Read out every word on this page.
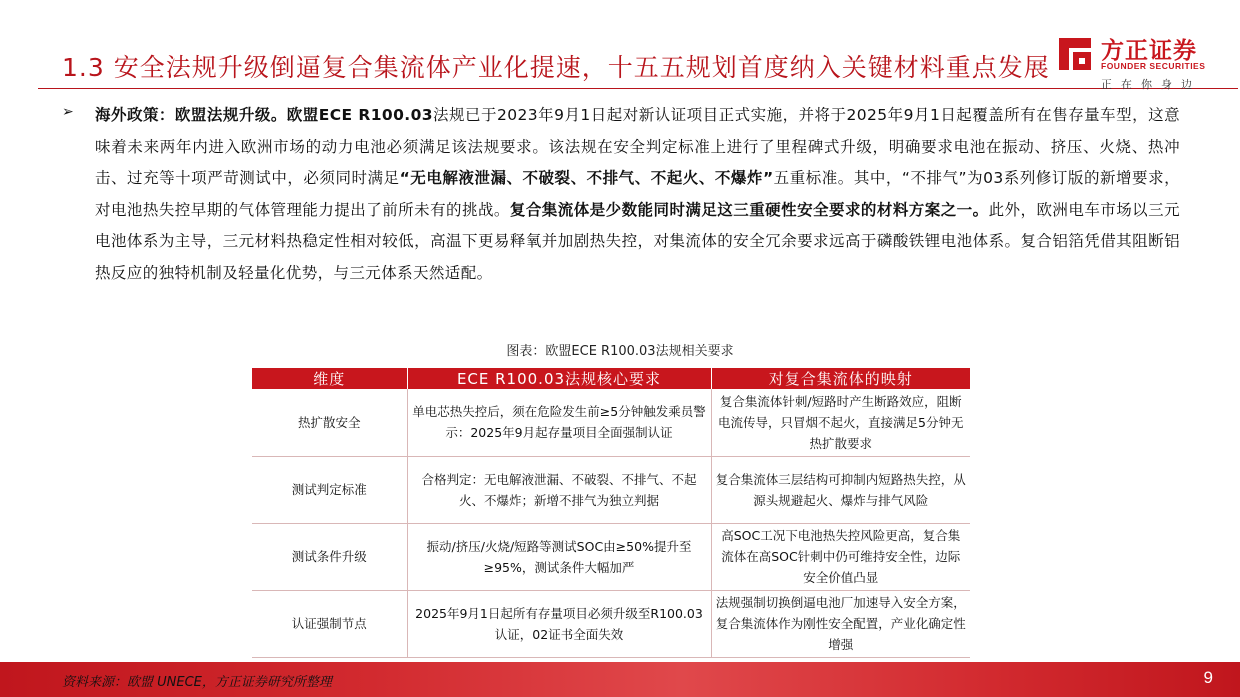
1.3 安全法规升级倒逼复合集流体产业化提速，十五五规划首度纳入关键材料重点发展
方正证券
FOUNDER SECURITIES
正在你身边
➢ 海外政策：欧盟法规升级。欧盟ECE R100.03法规已于2023年9月1日起对新认证项目正式实施，并将于2025年9月1日起覆盖所有在售存量车型，这意味着未来两年内进入欧洲市场的动力电池必须满足该法规要求。该法规在安全判定标准上进行了里程碑式升级，明确要求电池在振动、挤压、火烧、热冲击、过充等十项严苛测试中，必须同时满足“无电解液泄漏、不破裂、不排气、不起火、不爆炸”五重标准。其中，“不排气”为03系列修订版的新增要求，对电池热失控早期的气体管理能力提出了前所未有的挑战。复合集流体是少数能同时满足这三重硬性安全要求的材料方案之一。此外，欧洲电车市场以三元电池体系为主导，三元材料热稳定性相对较低，高温下更易释氧并加剧热失控，对集流体的安全冗余要求远高于磷酸铁锂电池体系。复合铝箔凭借其阻断铝热反应的独特机制及轻量化优势，与三元体系天然适配。
图表：欧盟ECE R100.03法规相关要求
维度	ECE R100.03法规核心要求	对复合集流体的映射
热扩散安全	单电芯热失控后，须在危险发生前≥5分钟触发乘员警示：2025年9月起存量项目全面强制认证	复合集流体针刺/短路时产生断路效应，阻断电流传导，只冒烟不起火，直接满足5分钟无热扩散要求
测试判定标准	合格判定：无电解液泄漏、不破裂、不排气、不起火、不爆炸；新增不排气为独立判据	复合集流体三层结构可抑制内短路热失控，从源头规避起火、爆炸与排气风险
测试条件升级	振动/挤压/火烧/短路等测试SOC由≥50%提升至≥95%，测试条件大幅加严	高SOC工况下电池热失控风险更高，复合集流体在高SOC针刺中仍可维持安全性，边际安全价值凸显
认证强制节点	2025年9月1日起所有存量项目必须升级至R100.03认证，02证书全面失效	法规强制切换倒逼电池厂加速导入安全方案，复合集流体作为刚性安全配置，产业化确定性增强
资料来源：欧盟 UNECE，方正证券研究所整理	9
